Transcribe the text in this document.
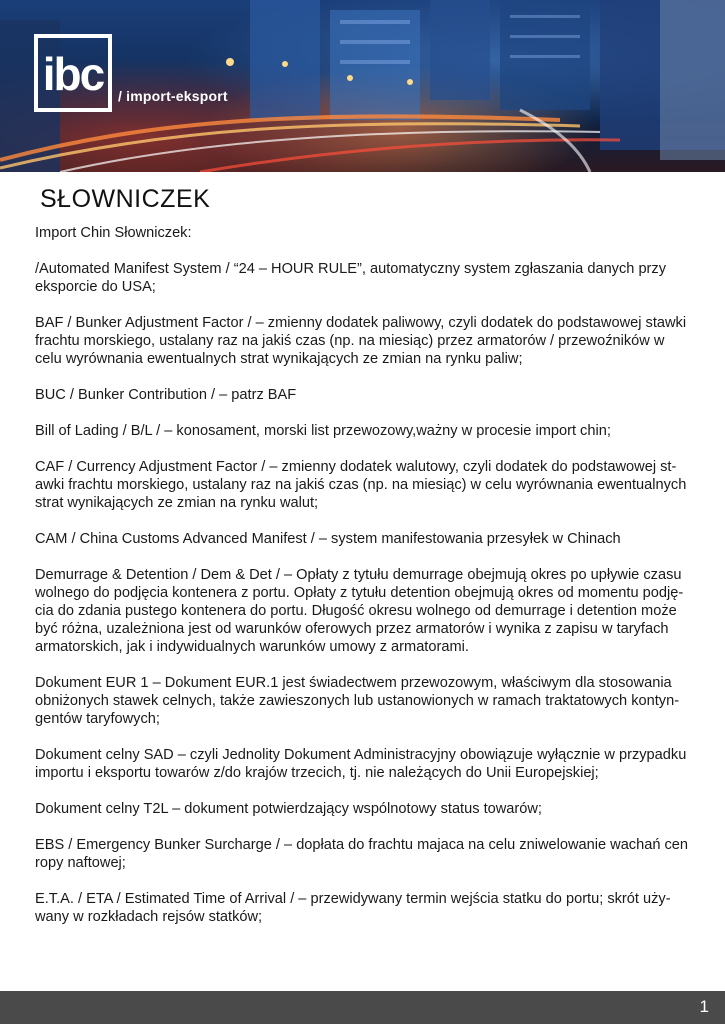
ibc	/ import-eksport
SŁOWNICZEK

Import Chin Słowniczek:

/Automated Manifest System / “24 – HOUR RULE”, automatyczny system zgłaszania danych przy eksporcie do USA;

BAF / Bunker Adjustment Factor / – zmienny dodatek paliwowy, czyli dodatek do podstawowej stawki frachtu morskiego, ustalany raz na jakiś czas (np. na miesiąc) przez armatorów / przewoźników w celu wyrównania ewentualnych strat wynikających ze zmian na rynku paliw;

BUC / Bunker Contribution / – patrz BAF

Bill of Lading / B/L / – konosament, morski list przewozowy,ważny w procesie import chin;

CAF / Currency Adjustment Factor / – zmienny dodatek walutowy, czyli dodatek do podstawowej st-awki frachtu morskiego, ustalany raz na jakiś czas (np. na miesiąc) w celu wyrównania ewentualnych strat wynikających ze zmian na rynku walut;

CAM / China Customs Advanced Manifest / – system manifestowania przesyłek w Chinach

Demurrage & Detention / Dem & Det / – Opłaty z tytułu demurrage obejmują okres po upływie czasu wolnego do podjęcia kontenera z portu. Opłaty z tytułu detention obejmują okres od momentu podję-cia do zdania pustego kontenera do portu. Długość okresu wolnego od demurrage i detention może być różna, uzależniona jest od warunków oferowych przez armatorów i wynika z zapisu w taryfach armatorskich, jak i indywidualnych warunków umowy z armatorami.

Dokument EUR 1 – Dokument EUR.1 jest świadectwem przewozowym, właściwym dla stosowania obniżonych stawek celnych, także zawieszonych lub ustanowionych w ramach traktatowych kontyn-gentów taryfowych;

Dokument celny SAD – czyli Jednolity Dokument Administracyjny obowiązuje wyłącznie w przypadku importu i eksportu towarów z/do krajów trzecich, tj. nie należących do Unii Europejskiej;

Dokument celny T2L – dokument potwierdzający wspólnotowy status towarów;

EBS / Emergency Bunker Surcharge / – dopłata do frachtu majaca na celu zniwelowanie wachań cen ropy naftowej;

E.T.A. / ETA / Estimated Time of Arrival / – przewidywany termin wejścia statku do portu; skrót uży-wany w rozkładach rejsów statków;

1
